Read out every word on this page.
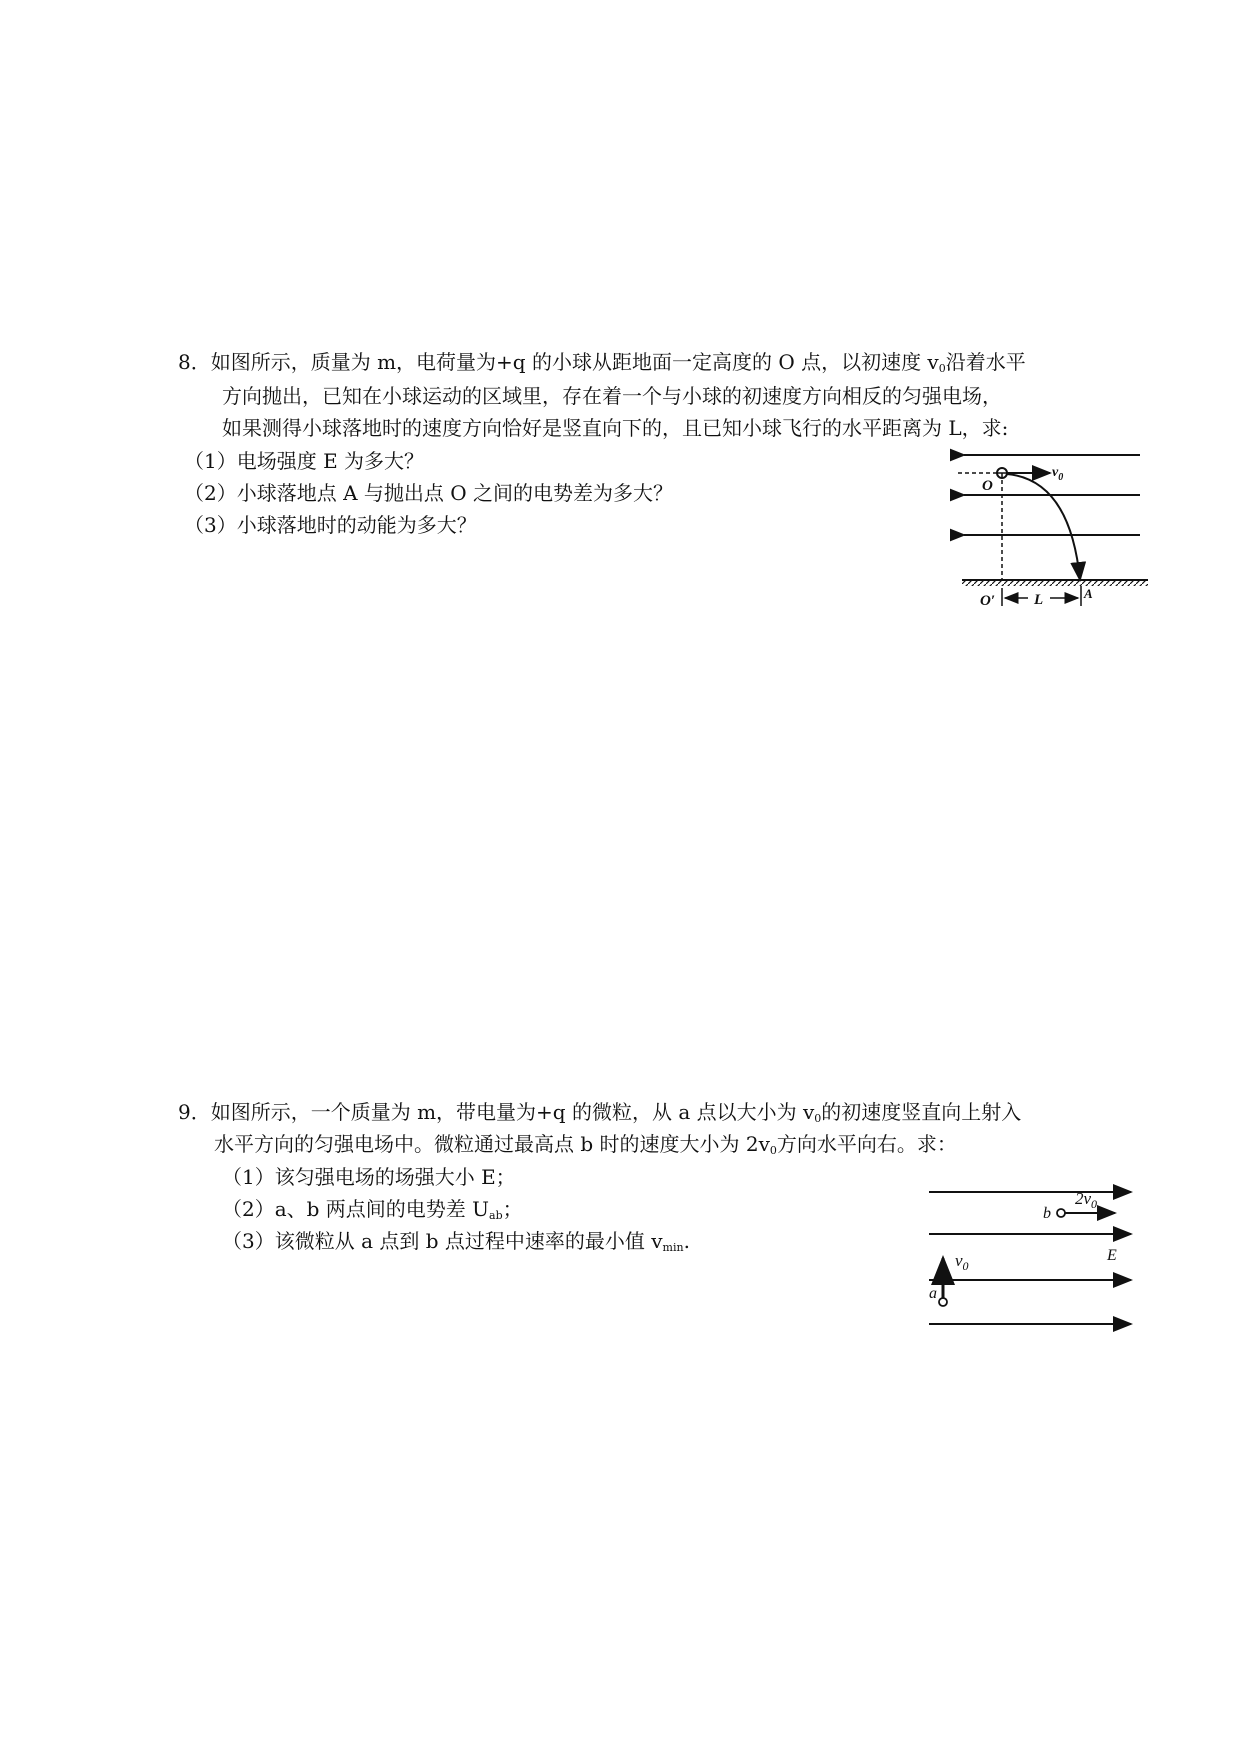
8．如图所示，质量为 m，电荷量为+q 的小球从距地面一定高度的 O 点，以初速度 $v_0$沿着水平
方向抛出，已知在小球运动的区域里，存在着一个与小球的初速度方向相反的匀强电场，
如果测得小球落地时的速度方向恰好是竖直向下的，且已知小球飞行的水平距离为 L，求:
（1）电场强度 E 为多大？
（2）小球落地点 A 与抛出点 O 之间的电势差为多大？
（3）小球落地时的动能为多大？
O
$v_0$
O′	L	A
9．如图所示，一个质量为 m，带电量为+q 的微粒，从 a 点以大小为 $v_0$的初速度竖直向上射入
水平方向的匀强电场中。微粒通过最高点 b 时的速度大小为 $2v_0$方向水平向右。求：
（1）该匀强电场的场强大小 E；
（2）a、b 两点间的电势差 $U_{ab}$；
（3）该微粒从 a 点到 b 点过程中速率的最小值 $v_{min}$.
b
$2v_0$
E
$v_0$
a
